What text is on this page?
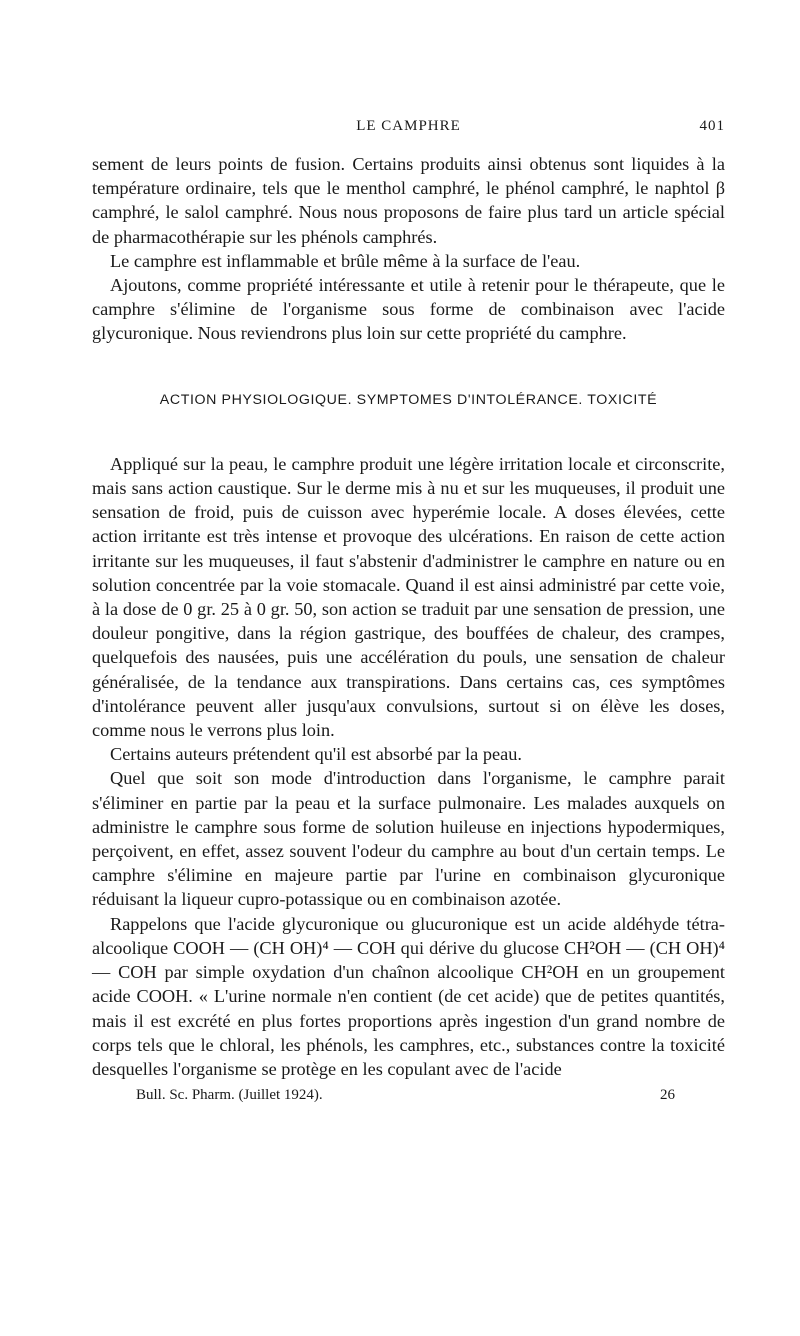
LE CAMPHRE	401

sement de leurs points de fusion. Certains produits ainsi obtenus sont liquides à la température ordinaire, tels que le menthol camphré, le phénol camphré, le naphtol β camphré, le salol camphré. Nous nous proposons de faire plus tard un article spécial de pharmacothérapie sur les phénols camphrés.

Le camphre est inflammable et brûle même à la surface de l'eau.

Ajoutons, comme propriété intéressante et utile à retenir pour le thérapeute, que le camphre s'élimine de l'organisme sous forme de combinaison avec l'acide glycuronique. Nous reviendrons plus loin sur cette propriété du camphre.

ACTION PHYSIOLOGIQUE. SYMPTOMES D'INTOLÉRANCE. TOXICITÉ

Appliqué sur la peau, le camphre produit une légère irritation locale et circonscrite, mais sans action caustique. Sur le derme mis à nu et sur les muqueuses, il produit une sensation de froid, puis de cuisson avec hyperémie locale. A doses élevées, cette action irritante est très intense et provoque des ulcérations. En raison de cette action irritante sur les muqueuses, il faut s'abstenir d'administrer le camphre en nature ou en solution concentrée par la voie stomacale. Quand il est ainsi administré par cette voie, à la dose de 0 gr. 25 à 0 gr. 50, son action se traduit par une sensation de pression, une douleur pongitive, dans la région gastrique, des bouffées de chaleur, des crampes, quelquefois des nausées, puis une accélération du pouls, une sensation de chaleur généralisée, de la tendance aux transpirations. Dans certains cas, ces symptômes d'intolérance peuvent aller jusqu'aux convulsions, surtout si on élève les doses, comme nous le verrons plus loin.

Certains auteurs prétendent qu'il est absorbé par la peau.

Quel que soit son mode d'introduction dans l'organisme, le camphre parait s'éliminer en partie par la peau et la surface pulmonaire. Les malades auxquels on administre le camphre sous forme de solution huileuse en injections hypodermiques, perçoivent, en effet, assez souvent l'odeur du camphre au bout d'un certain temps. Le camphre s'élimine en majeure partie par l'urine en combinaison glycuronique réduisant la liqueur cupro-potassique ou en combinaison azotée.

Rappelons que l'acide glycuronique ou glucuronique est un acide aldéhyde tétra-alcoolique COOH — (CH OH)⁴ — COH qui dérive du glucose CH²OH — (CH OH)⁴ — COH par simple oxydation d'un chaînon alcoolique CH²OH en un groupement acide COOH. « L'urine normale n'en contient (de cet acide) que de petites quantités, mais il est excrété en plus fortes proportions après ingestion d'un grand nombre de corps tels que le chloral, les phénols, les camphres, etc., substances contre la toxicité desquelles l'organisme se protège en les copulant avec de l'acide

Bull. Sc. Pharm. (Juillet 1924).	26
